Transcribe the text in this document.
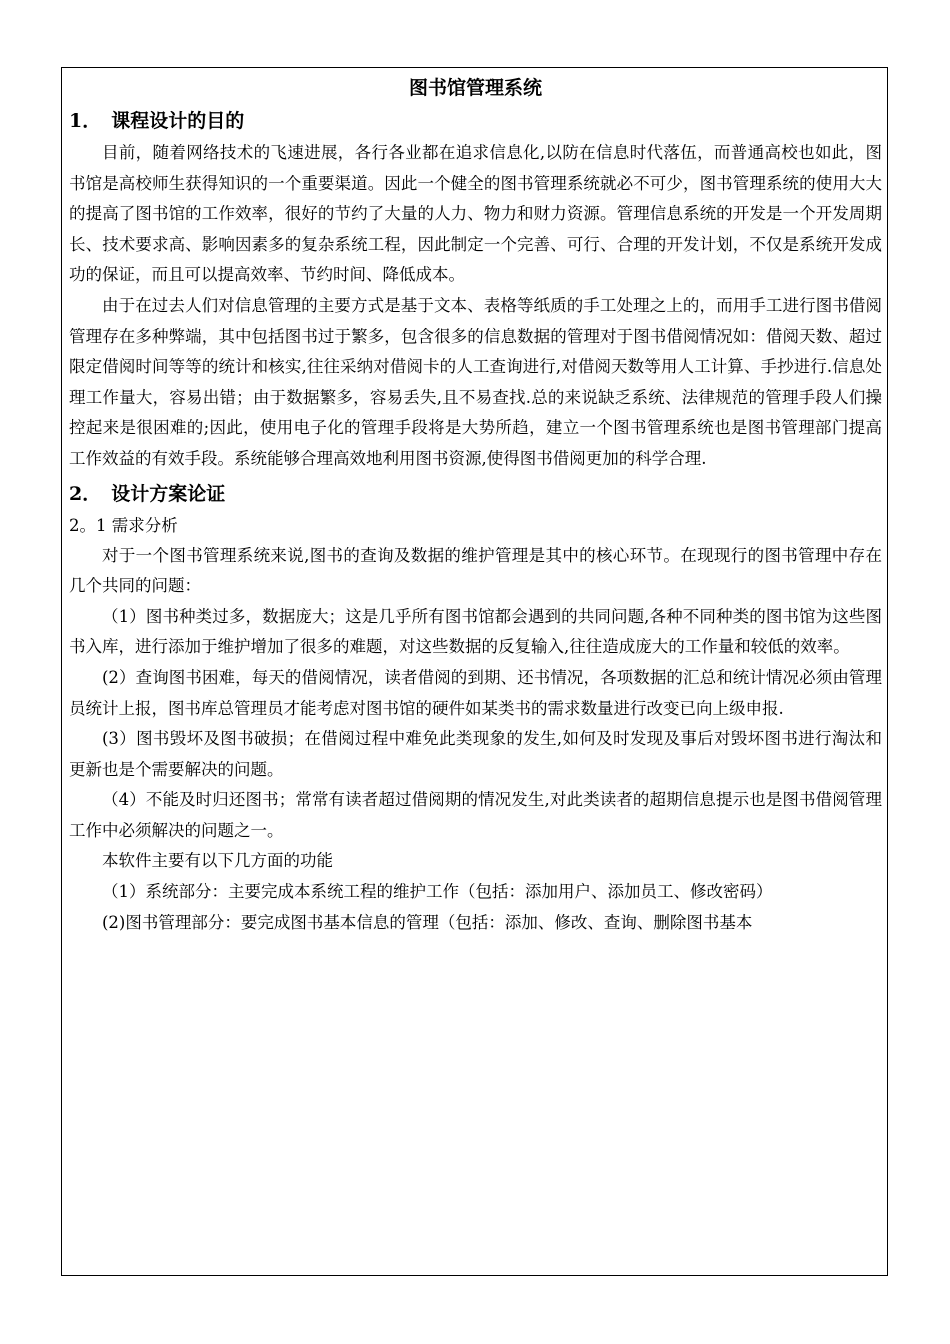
图书馆管理系统
1． 课程设计的目的

目前，随着网络技术的飞速进展，各行各业都在追求信息化,以防在信息时代落伍，而普通高校也如此，图书馆是高校师生获得知识的一个重要渠道。因此一个健全的图书管理系统就必不可少，图书管理系统的使用大大的提高了图书馆的工作效率，很好的节约了大量的人力、物力和财力资源。管理信息系统的开发是一个开发周期长、技术要求高、影响因素多的复杂系统工程，因此制定一个完善、可行、合理的开发计划，不仅是系统开发成功的保证，而且可以提高效率、节约时间、降低成本。

由于在过去人们对信息管理的主要方式是基于文本、表格等纸质的手工处理之上的，而用手工进行图书借阅管理存在多种弊端，其中包括图书过于繁多，包含很多的信息数据的管理对于图书借阅情况如：借阅天数、超过限定借阅时间等等的统计和核实,往往采纳对借阅卡的人工查询进行,对借阅天数等用人工计算、手抄进行.信息处理工作量大，容易出错；由于数据繁多，容易丢失,且不易查找.总的来说缺乏系统、法律规范的管理手段人们操控起来是很困难的;因此，使用电子化的管理手段将是大势所趋，建立一个图书管理系统也是图书管理部门提高工作效益的有效手段。系统能够合理高效地利用图书资源,使得图书借阅更加的科学合理.

2． 设计方案论证
2。1 需求分析

对于一个图书管理系统来说,图书的查询及数据的维护管理是其中的核心环节。在现现行的图书管理中存在几个共同的问题：

（1）图书种类过多，数据庞大；这是几乎所有图书馆都会遇到的共同问题,各种不同种类的图书馆为这些图书入库，进行添加于维护增加了很多的难题，对这些数据的反复输入,往往造成庞大的工作量和较低的效率。

(2）查询图书困难，每天的借阅情况，读者借阅的到期、还书情况，各项数据的汇总和统计情况必须由管理员统计上报，图书库总管理员才能考虑对图书馆的硬件如某类书的需求数量进行改变已向上级申报.

(3）图书毁坏及图书破损；在借阅过程中难免此类现象的发生,如何及时发现及事后对毁坏图书进行淘汰和更新也是个需要解决的问题。

（4）不能及时归还图书；常常有读者超过借阅期的情况发生,对此类读者的超期信息提示也是图书借阅管理工作中必须解决的问题之一。

本软件主要有以下几方面的功能

（1）系统部分：主要完成本系统工程的维护工作（包括：添加用户、添加员工、修改密码）

(2)图书管理部分：要完成图书基本信息的管理（包括：添加、修改、查询、删除图书基本
